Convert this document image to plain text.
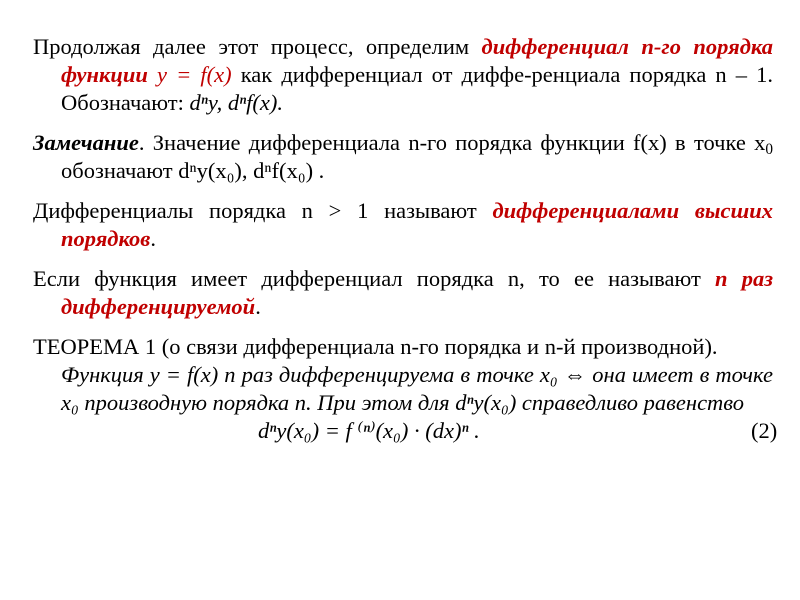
Продолжая далее этот процесс, определим дифференциал n-го порядка функции y = f(x) как дифференциал от диффе-ренциала порядка n – 1. Обозначают: dⁿy, dⁿf(x).

Замечание. Значение дифференциала n-го порядка функции f(x) в точке $x_0$ обозначают dⁿy(x₀), dⁿf(x₀) .

Дифференциалы порядка n > 1 называют дифференциалами высших порядков.

Если функция имеет дифференциал порядка n, то ее называют n раз дифференцируемой.

ТЕОРЕМА 1 (о связи дифференциала n-го порядка и n-й производной).

Функция y = f(x) n раз дифференцируема в точке x₀ ⇔ она имеет в точке x₀ производную порядка n. При этом для dⁿy(x₀) справедливо равенство

dⁿy(x₀) = f ⁽ⁿ⁾(x₀) · (dx)ⁿ .	(2)
